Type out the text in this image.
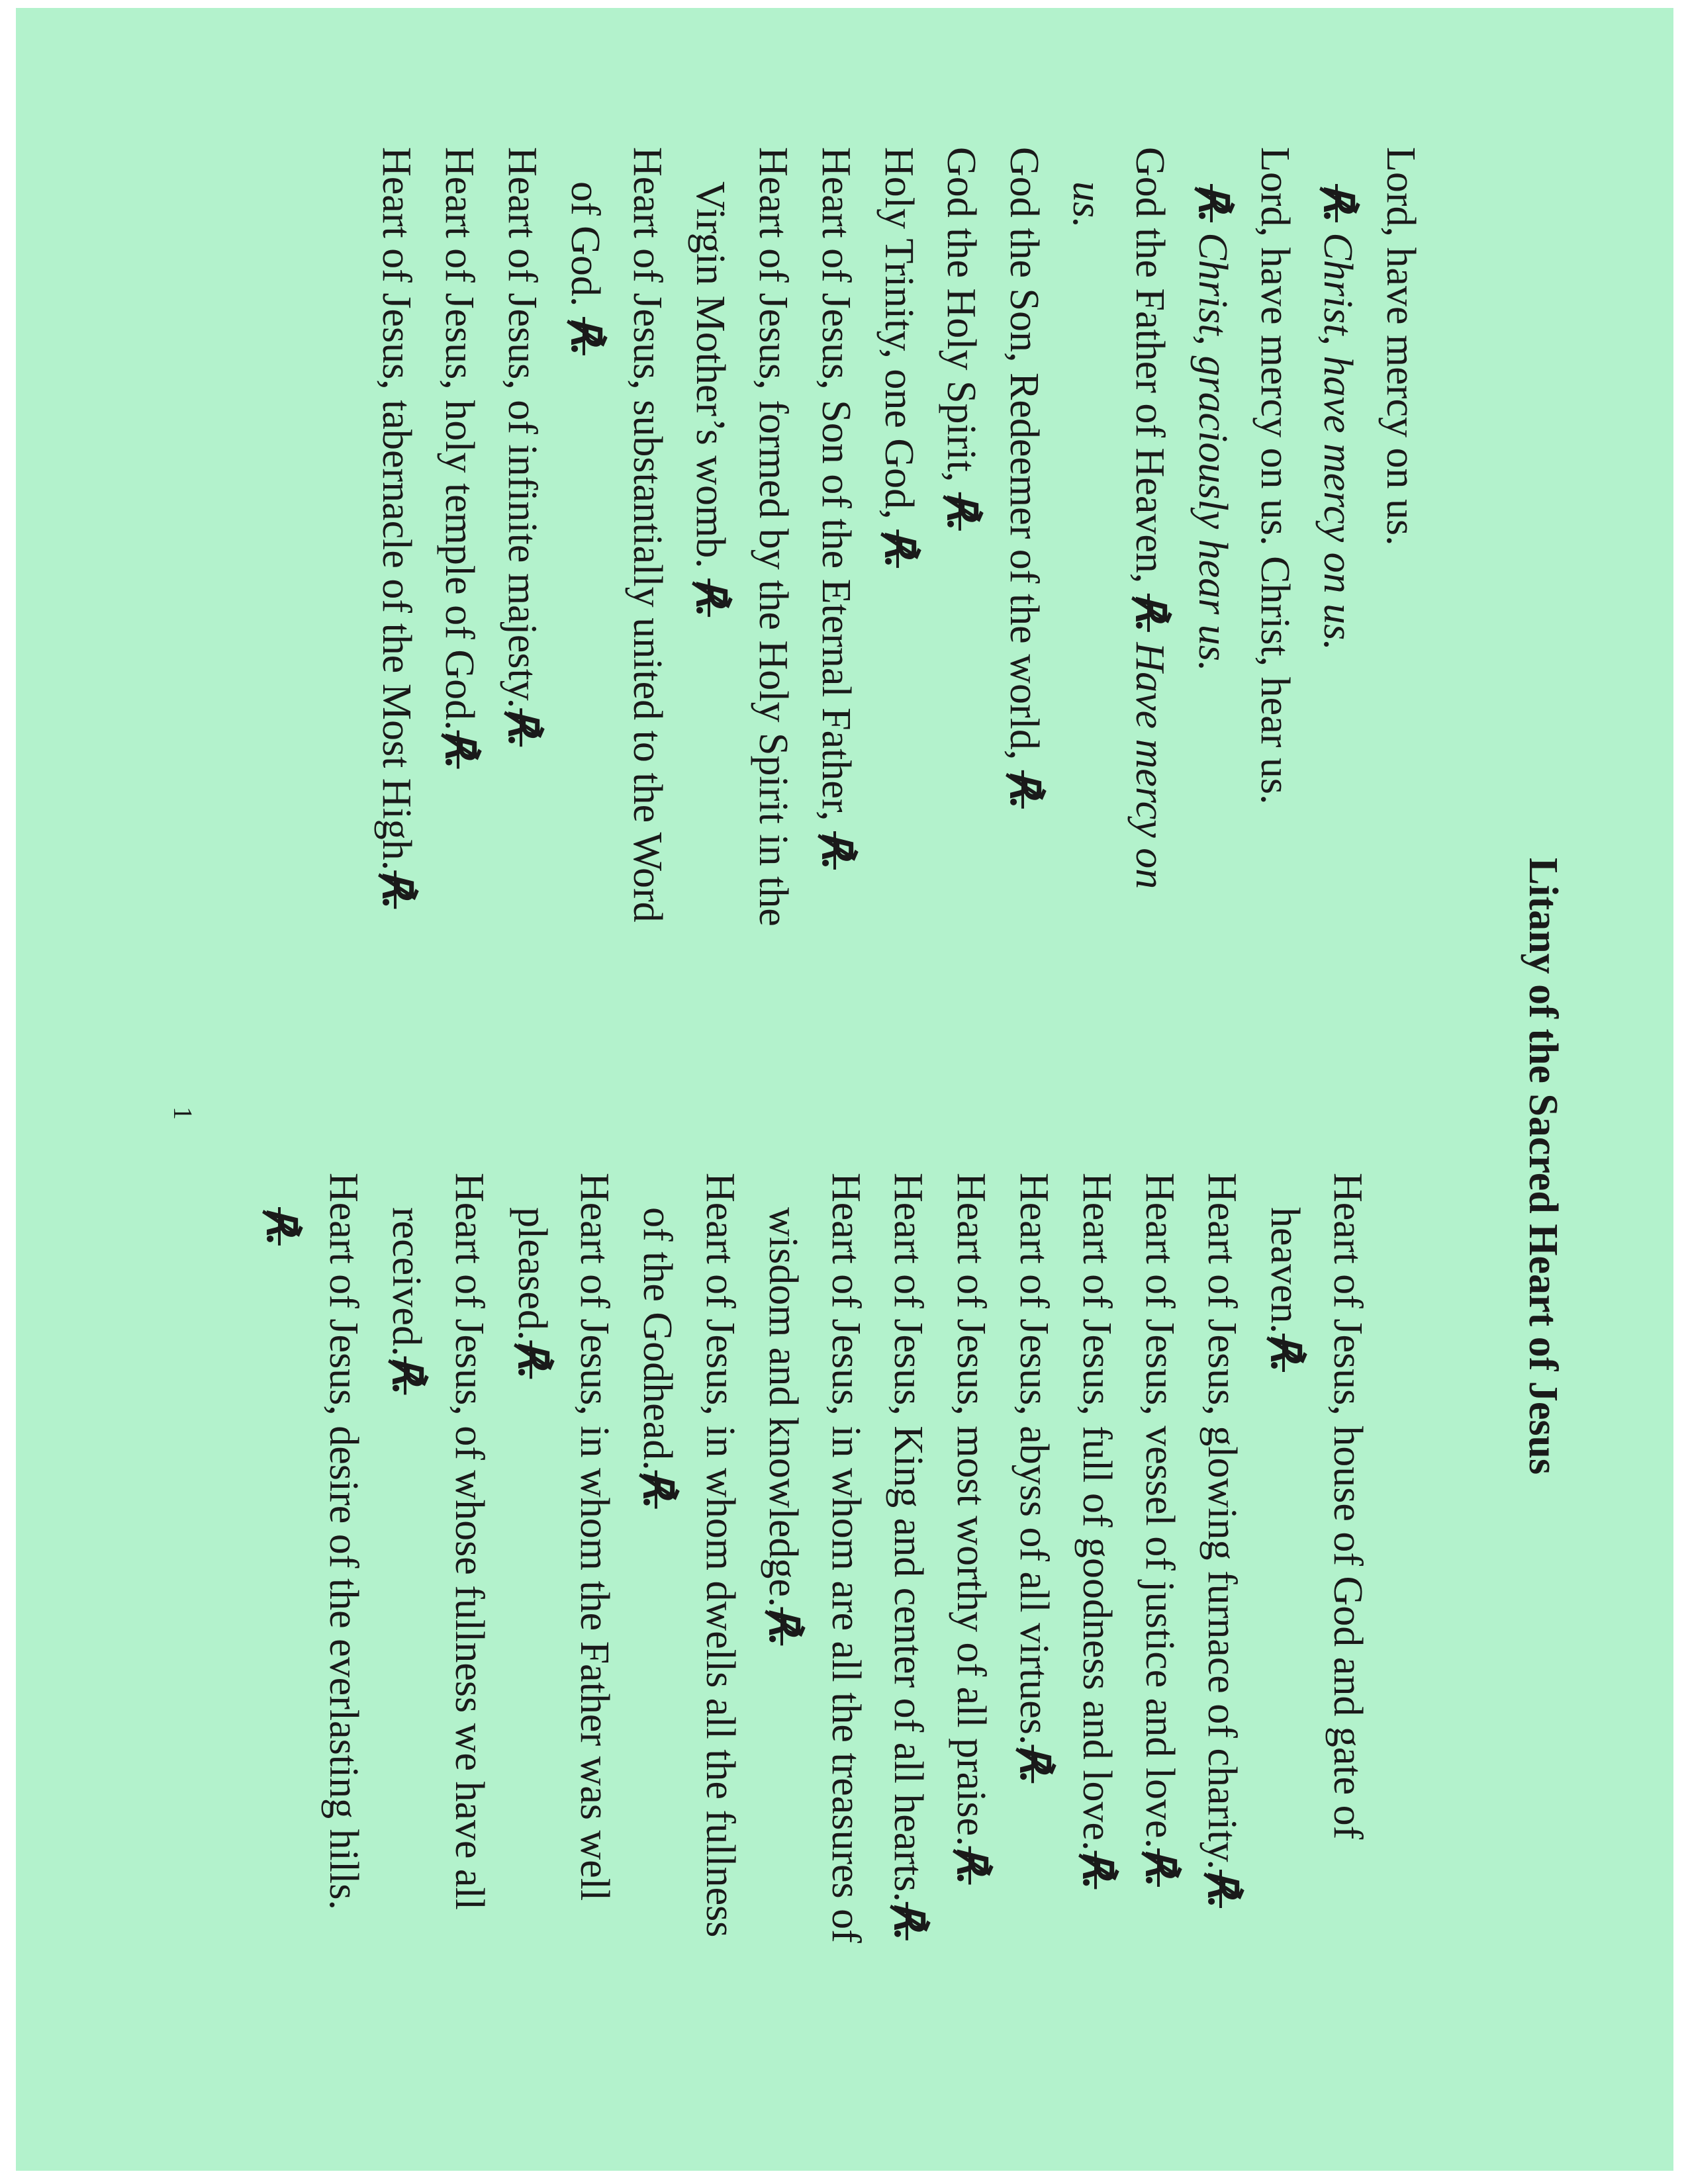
Litany of the Sacred Heart of Jesus
Lord, have mercy on us.
℟. Christ, have mercy on us.
Lord, have mercy on us. Christ, hear us.
℟. Christ, graciously hear us.
God the Father of Heaven, ℟. Have mercy on
us.
God the Son, Redeemer of the world, ℟.
God the Holy Spirit, ℟.
Holy Trinity, one God, ℟.
Heart of Jesus, Son of the Eternal Father, ℟.
Heart of Jesus, formed by the Holy Spirit in the
Virgin Mother’s womb. ℟.
Heart of Jesus, substantially united to the Word
of God. ℟.
Heart of Jesus, of infinite majesty.℟.
Heart of Jesus, holy temple of God.℟.
Heart of Jesus, tabernacle of the Most High.℟.
Heart of Jesus, house of God and gate of
heaven.℟.
Heart of Jesus, glowing furnace of charity.℟.
Heart of Jesus, vessel of justice and love.℟.
Heart of Jesus, full of goodness and love.℟.
Heart of Jesus, abyss of all virtues.℟.
Heart of Jesus, most worthy of all praise.℟.
Heart of Jesus, King and center of all hearts.℟.
Heart of Jesus, in whom are all the treasures of
wisdom and knowledge.℟.
Heart of Jesus, in whom dwells all the fullness
of the Godhead.℟.
Heart of Jesus, in whom the Father was well
pleased.℟.
Heart of Jesus, of whose fullness we have all
received.℟.
Heart of Jesus, desire of the everlasting hills.
℟.
1
